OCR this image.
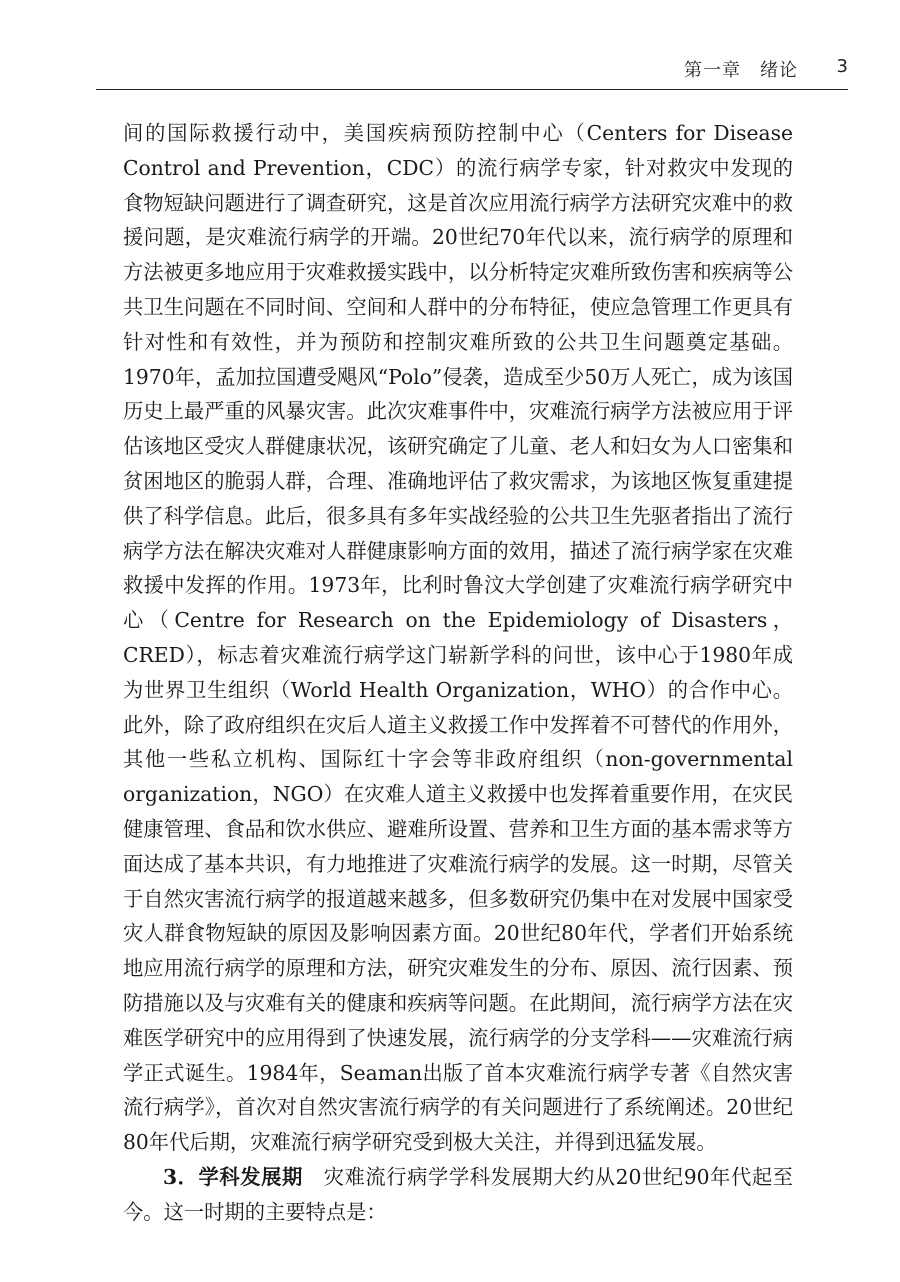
第一章　绪论 3

间的国际救援行动中，美国疾病预防控制中心（Centers for Disease Control and Prevention，CDC）的流行病学专家，针对救灾中发现的食物短缺问题进行了调查研究，这是首次应用流行病学方法研究灾难中的救援问题，是灾难流行病学的开端。20世纪70年代以来，流行病学的原理和方法被更多地应用于灾难救援实践中，以分析特定灾难所致伤害和疾病等公共卫生问题在不同时间、空间和人群中的分布特征，使应急管理工作更具有针对性和有效性，并为预防和控制灾难所致的公共卫生问题奠定基础。1970年，孟加拉国遭受飓风“Polo”侵袭，造成至少50万人死亡，成为该国历史上最严重的风暴灾害。此次灾难事件中，灾难流行病学方法被应用于评估该地区受灾人群健康状况，该研究确定了儿童、老人和妇女为人口密集和贫困地区的脆弱人群，合理、准确地评估了救灾需求，为该地区恢复重建提供了科学信息。此后，很多具有多年实战经验的公共卫生先驱者指出了流行病学方法在解决灾难对人群健康影响方面的效用，描述了流行病学家在灾难救援中发挥的作用。1973年，比利时鲁汶大学创建了灾难流行病学研究中心（Centre for Research on the Epidemiology of Disasters，CRED），标志着灾难流行病学这门崭新学科的问世，该中心于1980年成为世界卫生组织（World Health Organization，WHO）的合作中心。此外，除了政府组织在灾后人道主义救援工作中发挥着不可替代的作用外，其他一些私立机构、国际红十字会等非政府组织（non-governmental organization，NGO）在灾难人道主义救援中也发挥着重要作用，在灾民健康管理、食品和饮水供应、避难所设置、营养和卫生方面的基本需求等方面达成了基本共识，有力地推进了灾难流行病学的发展。这一时期，尽管关于自然灾害流行病学的报道越来越多，但多数研究仍集中在对发展中国家受灾人群食物短缺的原因及影响因素方面。20世纪80年代，学者们开始系统地应用流行病学的原理和方法，研究灾难发生的分布、原因、流行因素、预防措施以及与灾难有关的健康和疾病等问题。在此期间，流行病学方法在灾难医学研究中的应用得到了快速发展，流行病学的分支学科——灾难流行病学正式诞生。1984年，Seaman出版了首本灾难流行病学专著《自然灾害流行病学》，首次对自然灾害流行病学的有关问题进行了系统阐述。20世纪80年代后期，灾难流行病学研究受到极大关注，并得到迅猛发展。

3．学科发展期　 灾难流行病学学科发展期大约从20世纪90年代起至今。这一时期的主要特点是：
